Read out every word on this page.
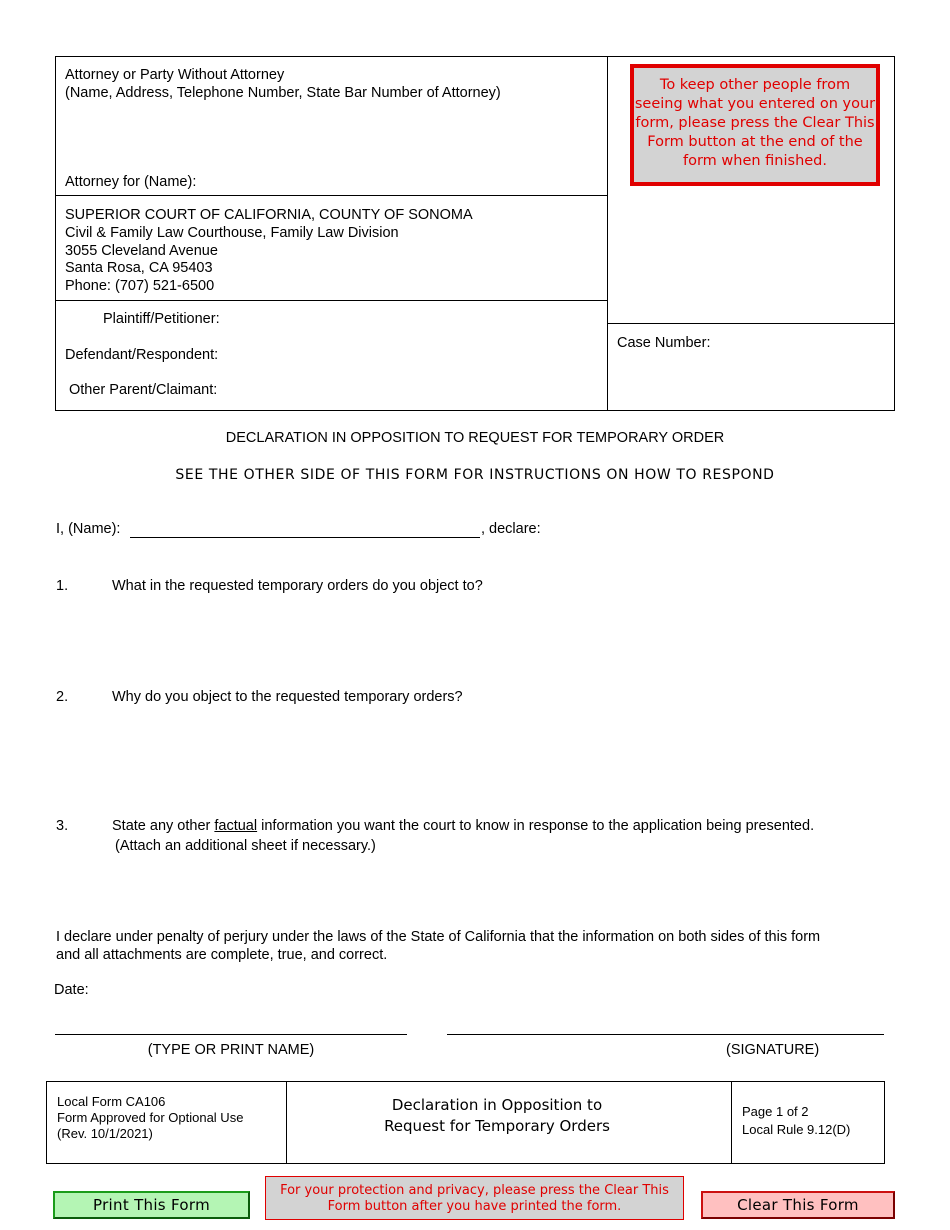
Attorney or Party Without Attorney
(Name, Address, Telephone Number, State Bar Number of Attorney)
Attorney for (Name):
SUPERIOR COURT OF CALIFORNIA, COUNTY OF SONOMA
Civil & Family Law Courthouse, Family Law Division
3055 Cleveland Avenue
Santa Rosa, CA 95403
Phone: (707) 521-6500
Plaintiff/Petitioner:
Defendant/Respondent:
Other Parent/Claimant:
To keep other people from seeing what you entered on your form, please press the Clear This Form button at the end of the form when finished.
Case Number:
DECLARATION IN OPPOSITION TO REQUEST FOR TEMPORARY ORDER
SEE THE OTHER SIDE OF THIS FORM FOR INSTRUCTIONS ON HOW TO RESPOND
I, (Name):	, declare:
1.	What in the requested temporary orders do you object to?
2.	Why do you object to the requested temporary orders?
3.	State any other factual information you want the court to know in response to the application being presented.
(Attach an additional sheet if necessary.)
I declare under penalty of perjury under the laws of the State of California that the information on both sides of this form
and all attachments are complete, true, and correct.
Date:
(TYPE OR PRINT NAME)	(SIGNATURE)
Local Form CA106
Form Approved for Optional Use
(Rev. 10/1/2021)
Declaration in Opposition to
Request for Temporary Orders
Page 1 of 2
Local Rule 9.12(D)
Print This Form
For your protection and privacy, please press the Clear This Form button after you have printed the form.	Clear This Form
